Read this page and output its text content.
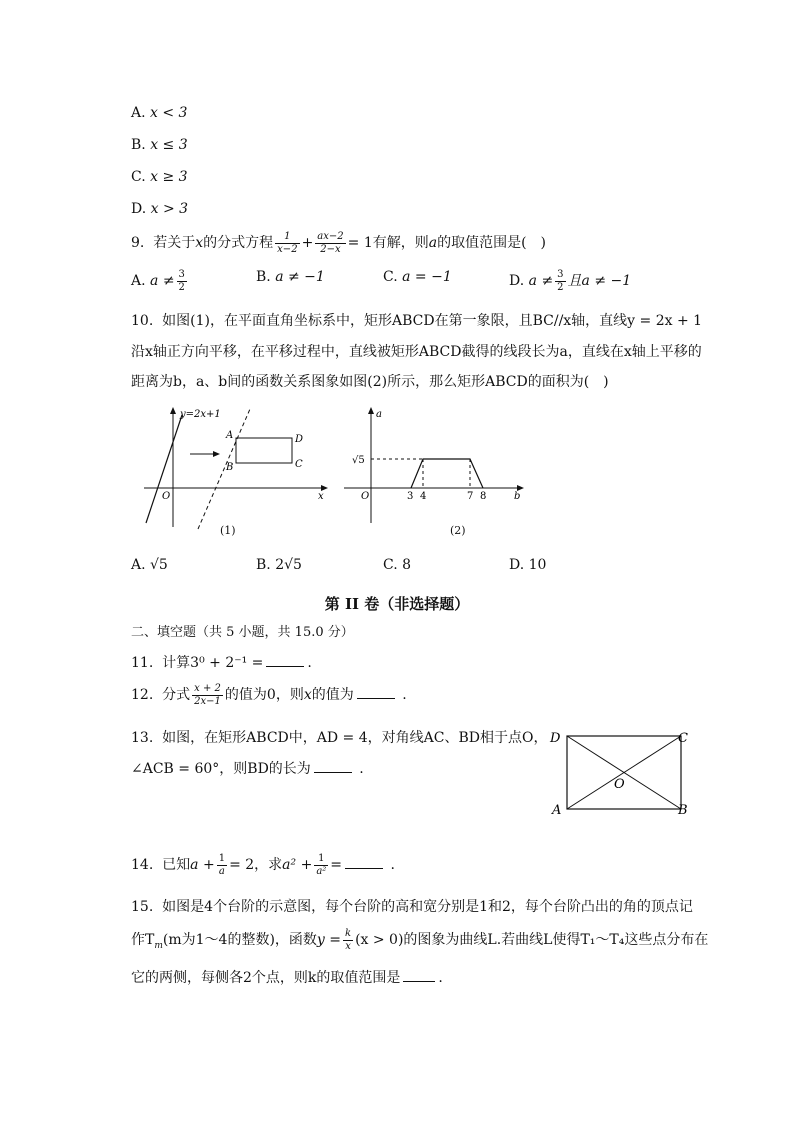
A. x < 3
B. x ≤ 3
C. x ≥ 3
D. x > 3
9. 若关于x的分式方程 $\frac{1}{x-2} + \frac{ax-2}{2-x} = 1$有解，则a的取值范围是(　)
A. $a \ne \frac{3}{2}$	B. a ≠ −1	C. a = −1	D. $a \ne \frac{3}{2}$ 且a ≠ −1
10. 如图(1)，在平面直角坐标系中，矩形ABCD在第一象限，且BC//x轴，直线y = 2x + 1
沿x轴正方向平移，在平移过程中，直线被矩形ABCD截得的线段长为a，直线在x轴上平移的
距离为b，a、b间的函数关系图象如图(2)所示，那么矩形ABCD的面积为(　)
y=2x+1
A
B	C
D
O	x
(1)
a
√5
O	3 4	7 8	b
(2)
A. √5	B. 2√5	C. 8	D. 10
第 II 卷（非选择题）
二、填空题（共 5 小题，共 15.0 分）
11. 计算3⁰ + 2⁻¹ =	.
12. 分式 $\frac{x + 2}{2x-1}$ 的值为0，则x的值为	.
13. 如图，在矩形ABCD中，AD = 4，对角线AC、BD相于点O，
∠ACB = 60°，则BD的长为	.
D	C
A	B
O
14. 已知$a + \frac{1}{a} = 2$，求$a^2 + \frac{1}{\text{a²}}$ =	.
15. 如图是4个台阶的示意图，每个台阶的高和宽分别是1和2，每个台阶凸出的角的顶点记
作$T_m(m$为1～4的整数)，函数$y = \frac{k}{x} (x > 0)$的图象为曲线L.若曲线L使得T₁～T₄这些点分布在
它的两侧，每侧各2个点，则k的取值范围是	.
